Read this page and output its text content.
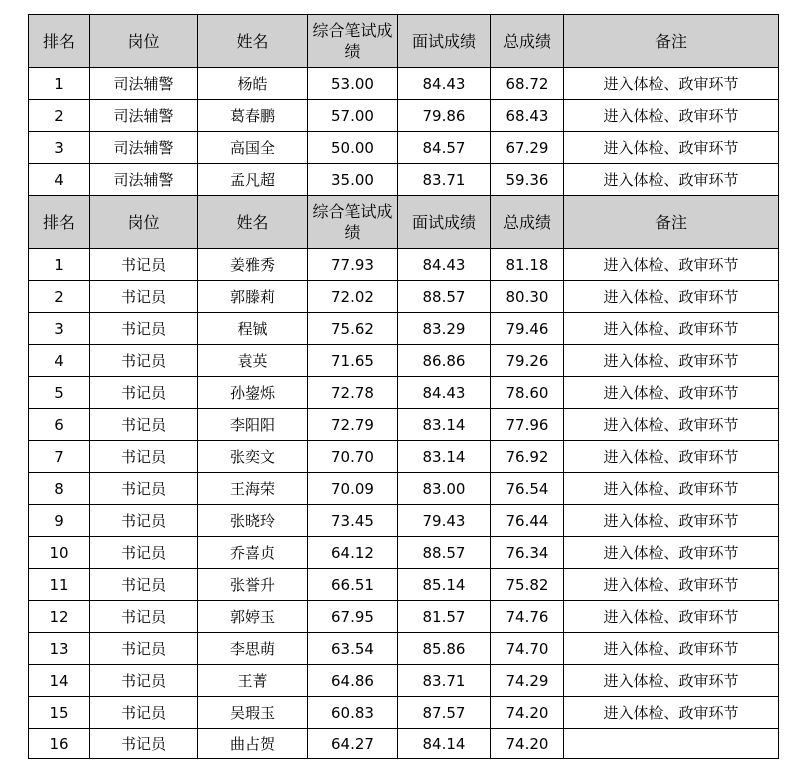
排名	岗位	姓名	综合笔试成绩	面试成绩	总成绩	备注
1	司法辅警	杨皓	53.00	84.43	68.72	进入体检、政审环节
2	司法辅警	葛春鹏	57.00	79.86	68.43	进入体检、政审环节
3	司法辅警	高国全	50.00	84.57	67.29	进入体检、政审环节
4	司法辅警	孟凡超	35.00	83.71	59.36	进入体检、政审环节
排名	岗位	姓名	综合笔试成绩	面试成绩	总成绩	备注
1	书记员	姜雅秀	77.93	84.43	81.18	进入体检、政审环节
2	书记员	郭滕莉	72.02	88.57	80.30	进入体检、政审环节
3	书记员	程铖	75.62	83.29	79.46	进入体检、政审环节
4	书记员	袁英	71.65	86.86	79.26	进入体检、政审环节
5	书记员	孙鋆烁	72.78	84.43	78.60	进入体检、政审环节
6	书记员	李阳阳	72.79	83.14	77.96	进入体检、政审环节
7	书记员	张奕文	70.70	83.14	76.92	进入体检、政审环节
8	书记员	王海荣	70.09	83.00	76.54	进入体检、政审环节
9	书记员	张晓玲	73.45	79.43	76.44	进入体检、政审环节
10	书记员	乔喜贞	64.12	88.57	76.34	进入体检、政审环节
11	书记员	张誉升	66.51	85.14	75.82	进入体检、政审环节
12	书记员	郭婷玉	67.95	81.57	74.76	进入体检、政审环节
13	书记员	李思萌	63.54	85.86	74.70	进入体检、政审环节
14	书记员	王菁	64.86	83.71	74.29	进入体检、政审环节
15	书记员	吴瑕玉	60.83	87.57	74.20	进入体检、政审环节
16	书记员	曲占贺	64.27	84.14	74.20	
